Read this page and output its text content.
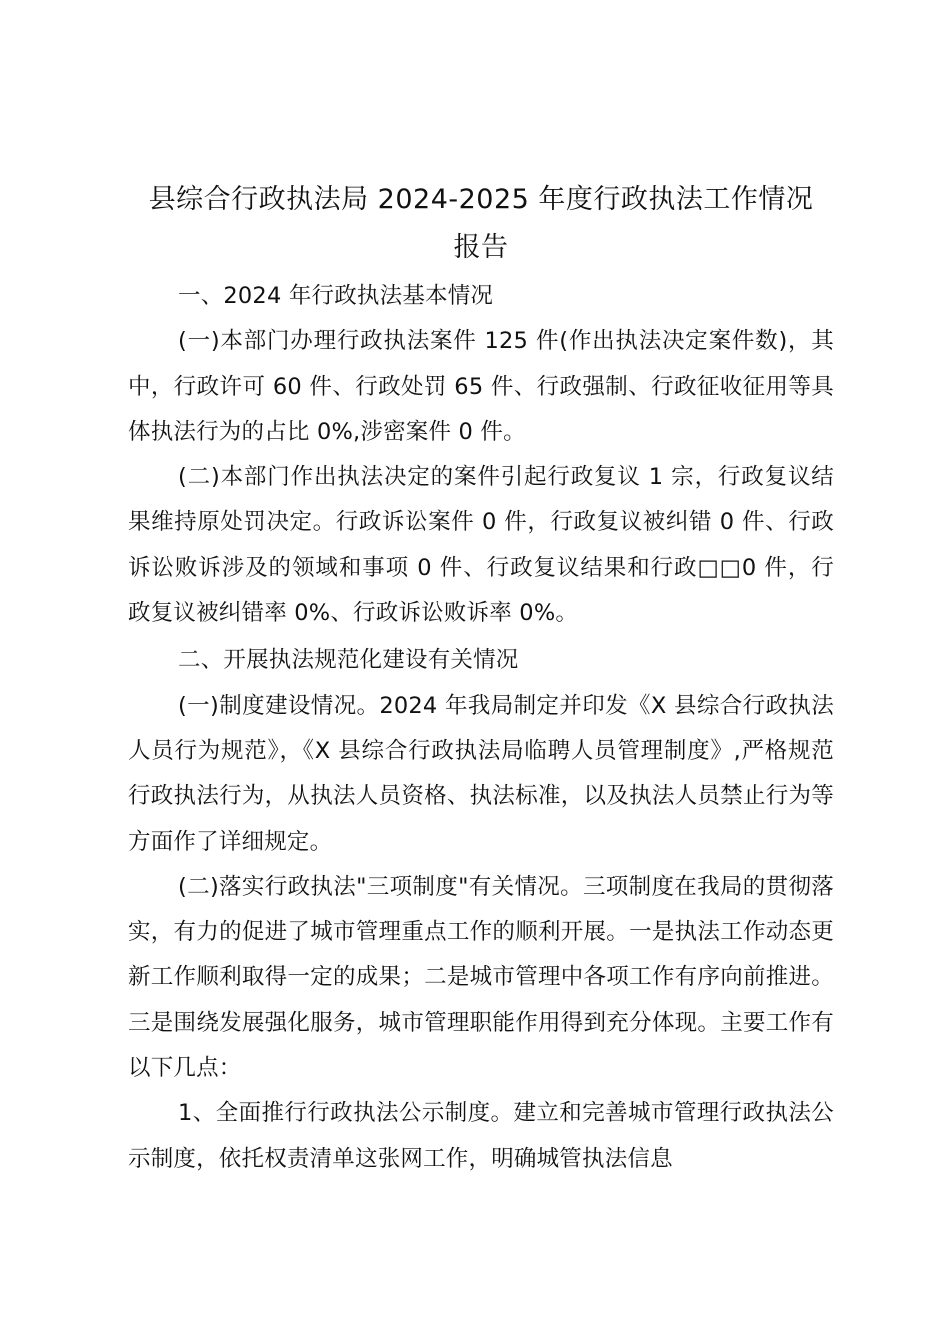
县综合行政执法局 2024-2025 年度行政执法工作情况
报告

一、2024 年行政执法基本情况

(一)本部门办理行政执法案件 125 件(作出执法决定案件数)，其中，行政许可 60 件、行政处罚 65 件、行政强制、行政征收征用等具体执法行为的占比 0%,涉密案件 0 件。

(二)本部门作出执法决定的案件引起行政复议 1 宗，行政复议结果维持原处罚决定。行政诉讼案件 0 件，行政复议被纠错 0 件、行政诉讼败诉涉及的领域和事项 0 件、行政复议结果和行政□□0 件，行政复议被纠错率 0%、行政诉讼败诉率 0%。

二、开展执法规范化建设有关情况

(一)制度建设情况。2024 年我局制定并印发《X 县综合行政执法人员行为规范》，《X 县综合行政执法局临聘人员管理制度》,严格规范行政执法行为，从执法人员资格、执法标准，以及执法人员禁止行为等方面作了详细规定。

(二)落实行政执法"三项制度"有关情况。三项制度在我局的贯彻落实，有力的促进了城市管理重点工作的顺利开展。一是执法工作动态更新工作顺利取得一定的成果；二是城市管理中各项工作有序向前推进。三是围绕发展强化服务，城市管理职能作用得到充分体现。主要工作有以下几点：

1、全面推行行政执法公示制度。建立和完善城市管理行政执法公示制度，依托权责清单这张网工作，明确城管执法信息
